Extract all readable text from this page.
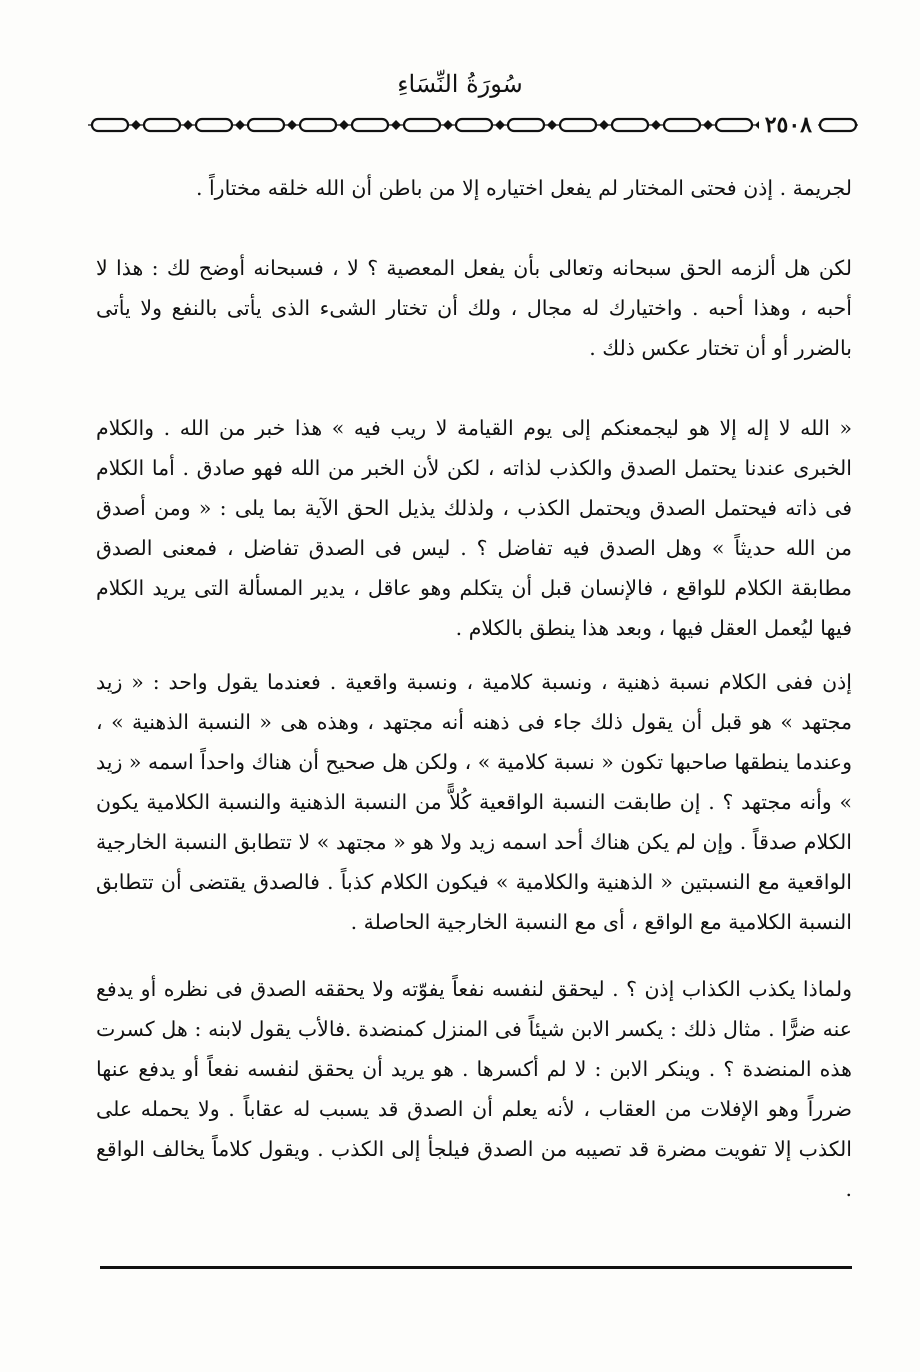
سُورَةُ النِّسَاءِ
٢٥٠٨

لجريمة . إذن فحتى المختار لم يفعل اختياره إلا من باطن أن الله خلقه مختاراً .

لكن هل ألزمه الحق سبحانه وتعالى بأن يفعل المعصية ؟ لا ، فسبحانه أوضح لك : هذا لا أحبه ، وهذا أحبه . واختيارك له مجال ، ولك أن تختار الشىء الذى يأتى بالنفع ولا يأتى بالضرر أو أن تختار عكس ذلك .

« الله لا إله إلا هو ليجمعنكم إلى يوم القيامة لا ريب فيه » هذا خبر من الله . والكلام الخبرى عندنا يحتمل الصدق والكذب لذاته ، لكن لأن الخبر من الله فهو صادق . أما الكلام فى ذاته فيحتمل الصدق ويحتمل الكذب ، ولذلك يذيل الحق الآية بما يلى : « ومن أصدق من الله حديثاً » وهل الصدق فيه تفاضل ؟ . ليس فى الصدق تفاضل ، فمعنى الصدق مطابقة الكلام للواقع ، فالإنسان قبل أن يتكلم وهو عاقل ، يدير المسألة التى يريد الكلام فيها ليُعمل العقل فيها ، وبعد هذا ينطق بالكلام .

إذن ففى الكلام نسبة ذهنية ، ونسبة كلامية ، ونسبة واقعية . فعندما يقول واحد : « زيد مجتهد » هو قبل أن يقول ذلك جاء فى ذهنه أنه مجتهد ، وهذه هى « النسبة الذهنية » ، وعندما ينطقها صاحبها تكون « نسبة كلامية » ، ولكن هل صحيح أن هناك واحداً اسمه « زيد » وأنه مجتهد ؟ . إن طابقت النسبة الواقعية كُلاًّ من النسبة الذهنية والنسبة الكلامية يكون الكلام صدقاً . وإن لم يكن هناك أحد اسمه زيد ولا هو « مجتهد » لا تتطابق النسبة الخارجية الواقعية مع النسبتين « الذهنية والكلامية » فيكون الكلام كذباً . فالصدق يقتضى أن تتطابق النسبة الكلامية مع الواقع ، أى مع النسبة الخارجية الحاصلة .

ولماذا يكذب الكذاب إذن ؟ . ليحقق لنفسه نفعاً يفوّته ولا يحققه الصدق فى نظره أو يدفع عنه ضرًّا . مثال ذلك : يكسر الابن شيئاً فى المنزل كمنضدة .فالأب يقول لابنه : هل كسرت هذه المنضدة ؟ . وينكر الابن : لا لم أكسرها . هو يريد أن يحقق لنفسه نفعاً أو يدفع عنها ضرراً وهو الإفلات من العقاب ، لأنه يعلم أن الصدق قد يسبب له عقاباً . ولا يحمله على الكذب إلا تفويت مضرة قد تصيبه من الصدق فيلجأ إلى الكذب . ويقول كلاماً يخالف الواقع .
